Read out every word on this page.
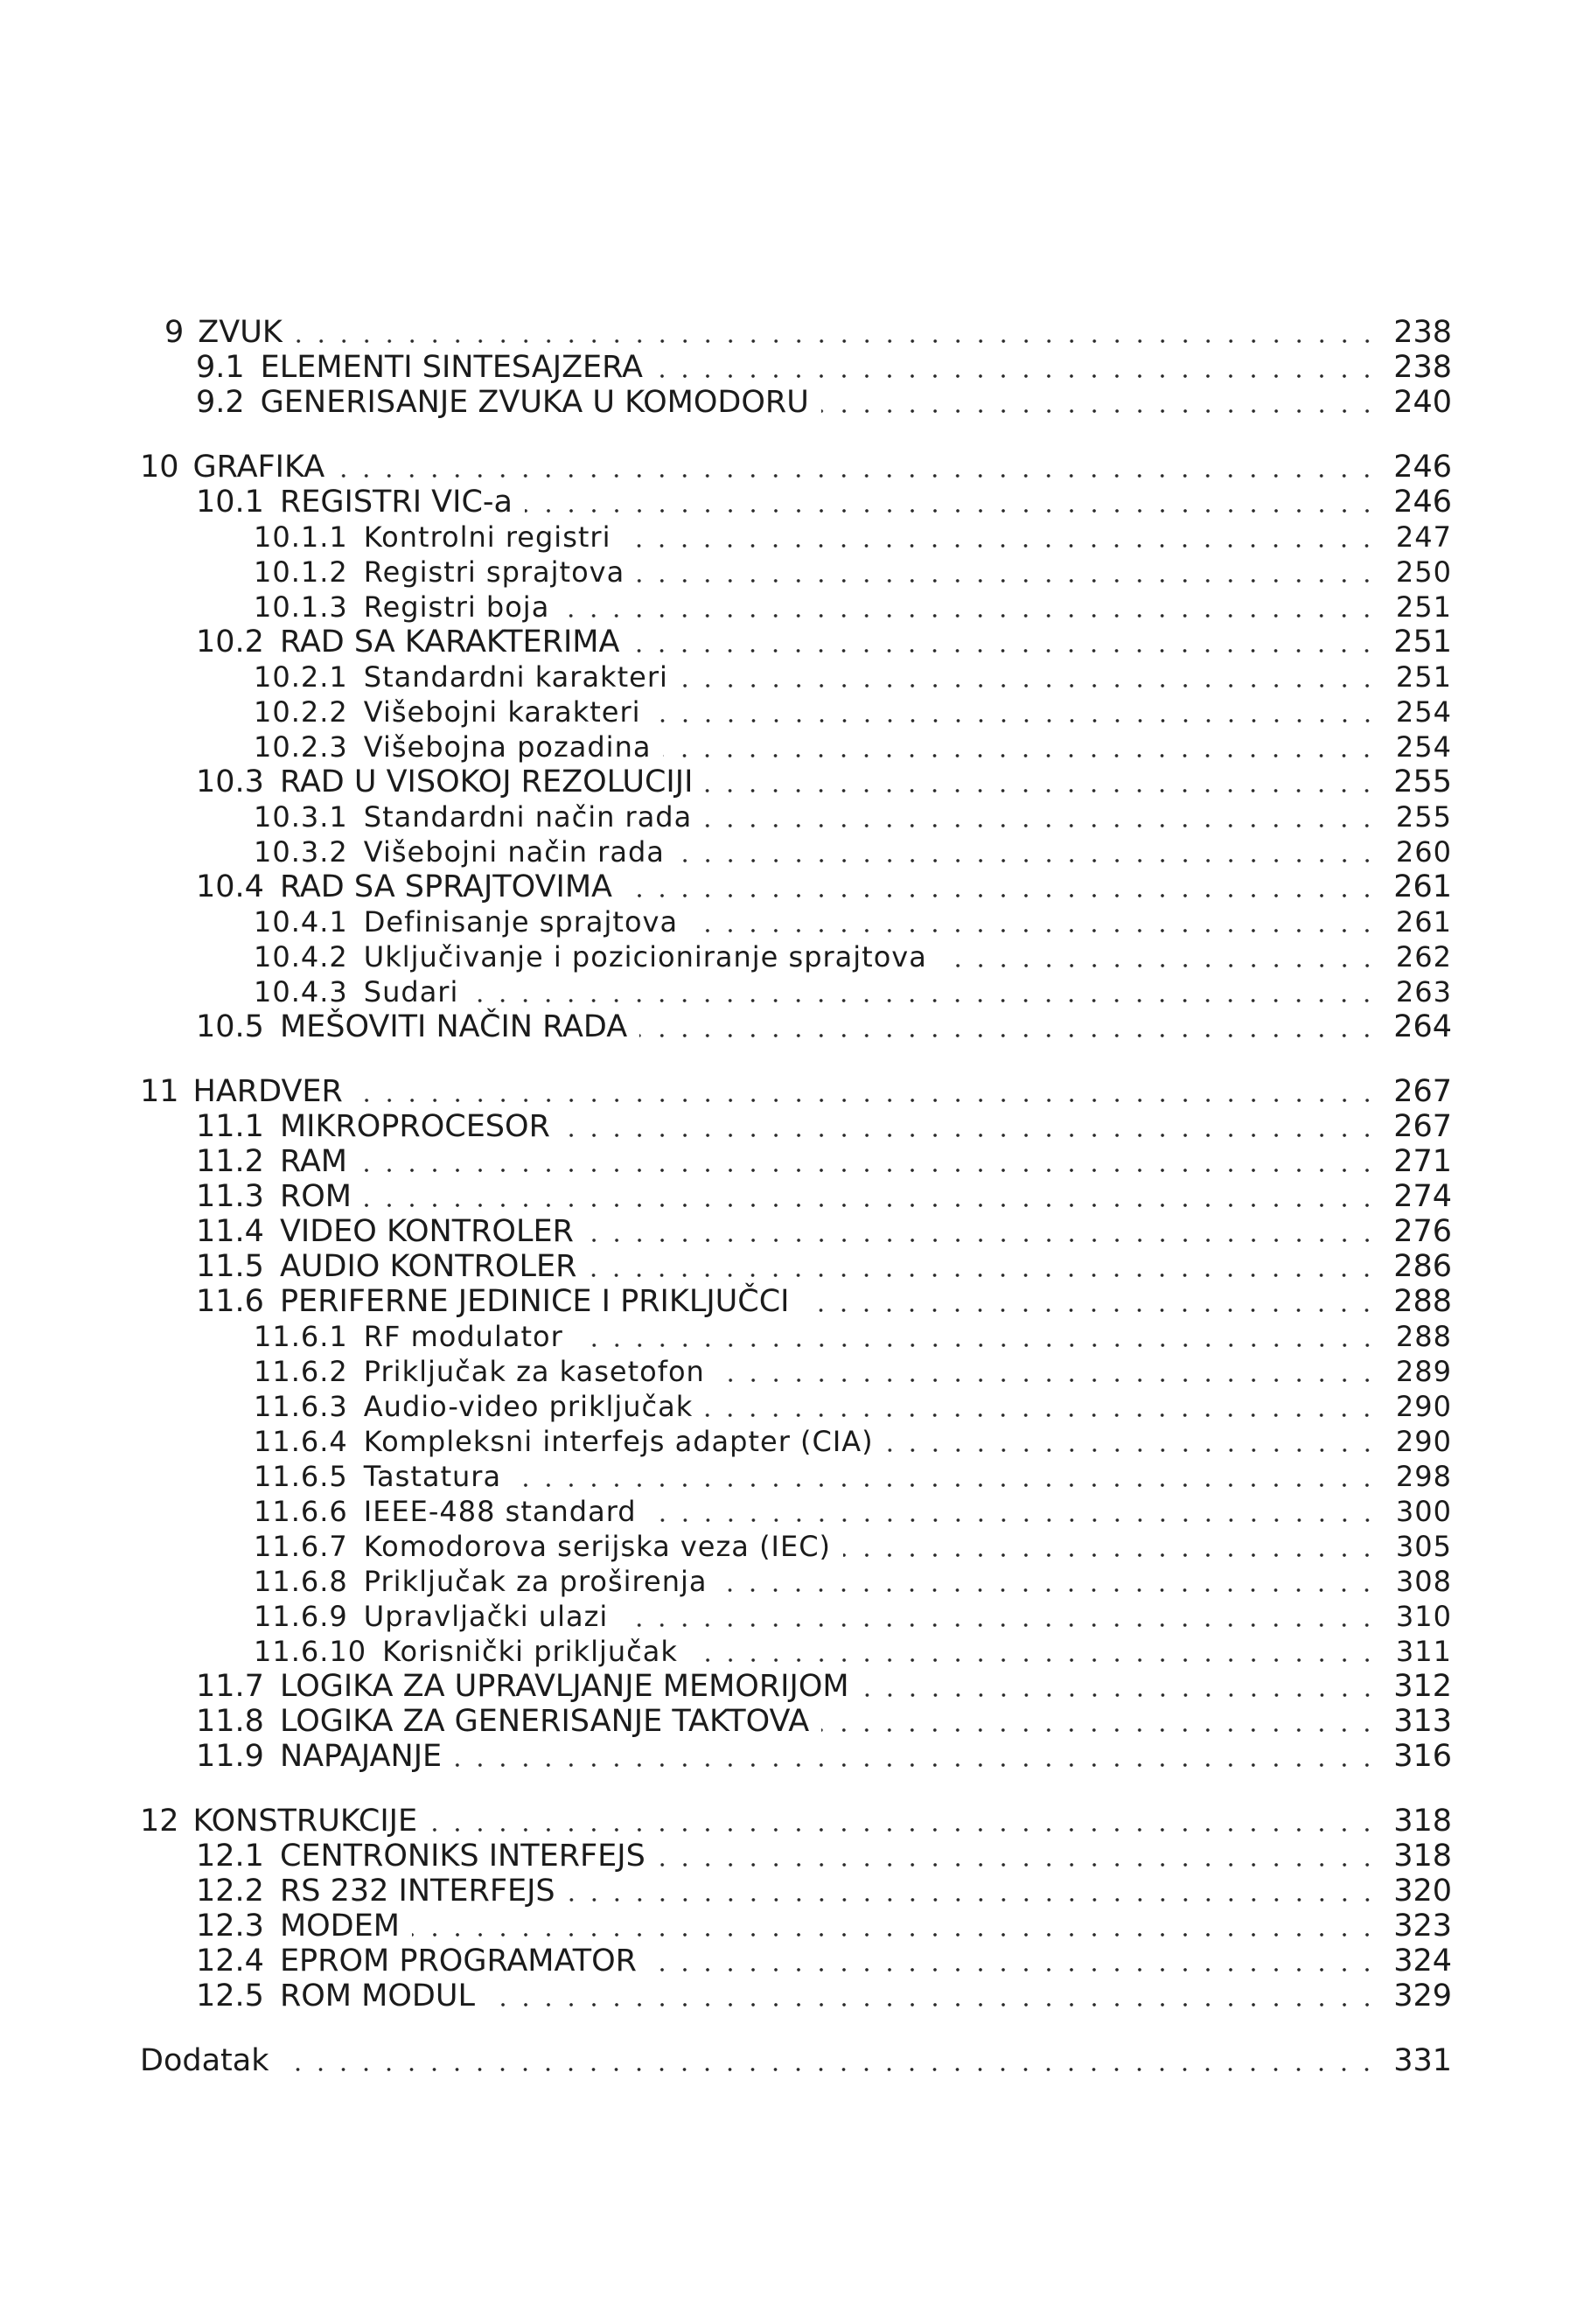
9 ZVUK	238
9.1 ELEMENTI SINTESAJZERA	238
9.2 GENERISANJE ZVUKA U KOMODORU	240
10 GRAFIKA	246
10.1 REGISTRI VIC-a	246
10.1.1 Kontrolni registri	247
10.1.2 Registri sprajtova	250
10.1.3 Registri boja	251
10.2 RAD SA KARAKTERIMA	251
10.2.1 Standardni karakteri	251
10.2.2 Višebojni karakteri	254
10.2.3 Višebojna pozadina	254
10.3 RAD U VISOKOJ REZOLUCIJI	255
10.3.1 Standardni način rada	255
10.3.2 Višebojni način rada	260
10.4 RAD SA SPRAJTOVIMA	261
10.4.1 Definisanje sprajtova	261
10.4.2 Uključivanje i pozicioniranje sprajtova	262
10.4.3 Sudari	263
10.5 MEŠOVITI NAČIN RADA	264
11 HARDVER	267
11.1 MIKROPROCESOR	267
11.2 RAM	271
11.3 ROM	274
11.4 VIDEO KONTROLER	276
11.5 AUDIO KONTROLER	286
11.6 PERIFERNE JEDINICE I PRIKLJUČCI	288
11.6.1 RF modulator	288
11.6.2 Priključak za kasetofon	289
11.6.3 Audio-video priključak	290
11.6.4 Kompleksni interfejs adapter (CIA)	290
11.6.5 Tastatura	298
11.6.6 IEEE-488 standard	300
11.6.7 Komodorova serijska veza (IEC)	305
11.6.8 Priključak za proširenja	308
11.6.9 Upravljački ulazi	310
11.6.10 Korisnički priključak	311
11.7 LOGIKA ZA UPRAVLJANJE MEMORIJOM	312
11.8 LOGIKA ZA GENERISANJE TAKTOVA	313
11.9 NAPAJANJE	316
12 KONSTRUKCIJE	318
12.1 CENTRONIKS INTERFEJS	318
12.2 RS 232 INTERFEJS	320
12.3 MODEM	323
12.4 EPROM PROGRAMATOR	324
12.5 ROM MODUL	329
Dodatak	331
